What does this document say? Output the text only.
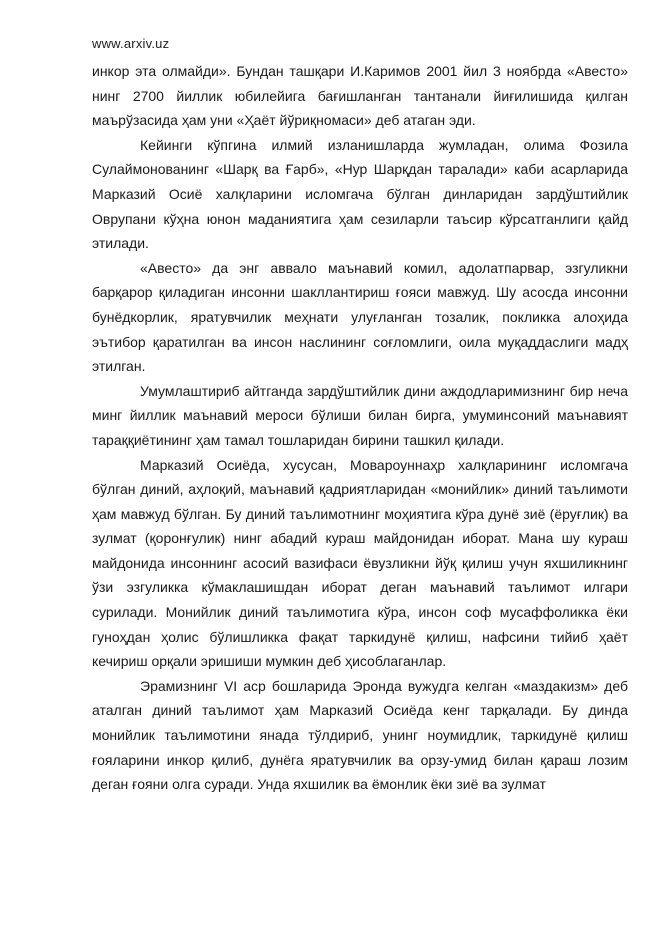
www.arxiv.uz

инкор эта олмайди». Бундан ташқари И.Каримов 2001 йил 3 ноябрда «Авесто» нинг 2700 йиллик юбилейига бағишланган тантанали йиғилишида қилган маърўзасида ҳам уни «Ҳаёт йўриқномаси» деб атаган эди.

Кейинги кўпгина илмий изланишларда жумладан, олима Фозила Сулаймонованинг «Шарқ ва Ғарб», «Нур Шарқдан таралади» каби асарларида Марказий Осиё халқларини исломгача бўлган динларидан зардўштийлик Оврупани кўҳна юнон маданиятига ҳам сезиларли таъсир кўрсатганлиги қайд этилади.

«Авесто» да энг аввало маънавий комил, адолатпарвар, эзгуликни барқарор қиладиган инсонни шакллантириш ғояси мавжуд. Шу асосда инсонни бунёдкорлик, яратувчилик меҳнати улуғланган тозалик, покликка алоҳида эътибор қаратилган ва инсон наслининг соғломлиги, оила муқаддаслиги мадҳ этилган.

Умумлаштириб айтганда зардўштийлик дини аждодларимизнинг бир неча минг йиллик маънавий мероси бўлиши билан бирга, умуминсоний маънавият тараққиётининг ҳам тамал тошларидан бирини ташкил қилади.

Марказий Осиёда, хусусан, Мовароуннаҳр халқларининг исломгача бўлган диний, аҳлоқий, маънавий қадриятларидан «монийлик» диний таълимоти ҳам мавжуд бўлган. Бу диний таълимотнинг моҳиятига кўра дунё зиё (ёруғлик) ва зулмат (қоронғулик) нинг абадий кураш майдонидан иборат. Мана шу кураш майдонида инсоннинг асосий вазифаси ёвузликни йўқ қилиш учун яхшиликнинг ўзи эзгуликка кўмаклашишдан иборат деган маънавий таълимот илгари сурилади. Монийлик диний таълимотига кўра, инсон соф мусаффоликка ёки гуноҳдан ҳолис бўлишликка фақат таркидунё қилиш, нафсини тийиб ҳаёт кечириш орқали эришиши мумкин деб ҳисоблаганлар.

Эрамизнинг VI аср бошларида Эронда вужудга келган «маздакизм» деб аталган диний таълимот ҳам Марказий Осиёда кенг тарқалади. Бу динда монийлик таълимотини янада тўлдириб, унинг ноумидлик, таркидунё қилиш ғояларини инкор қилиб, дунёга яратувчилик ва орзу-умид билан қараш лозим деган ғояни олга суради. Унда яхшилик ва ёмонлик ёки зиё ва зулмат
